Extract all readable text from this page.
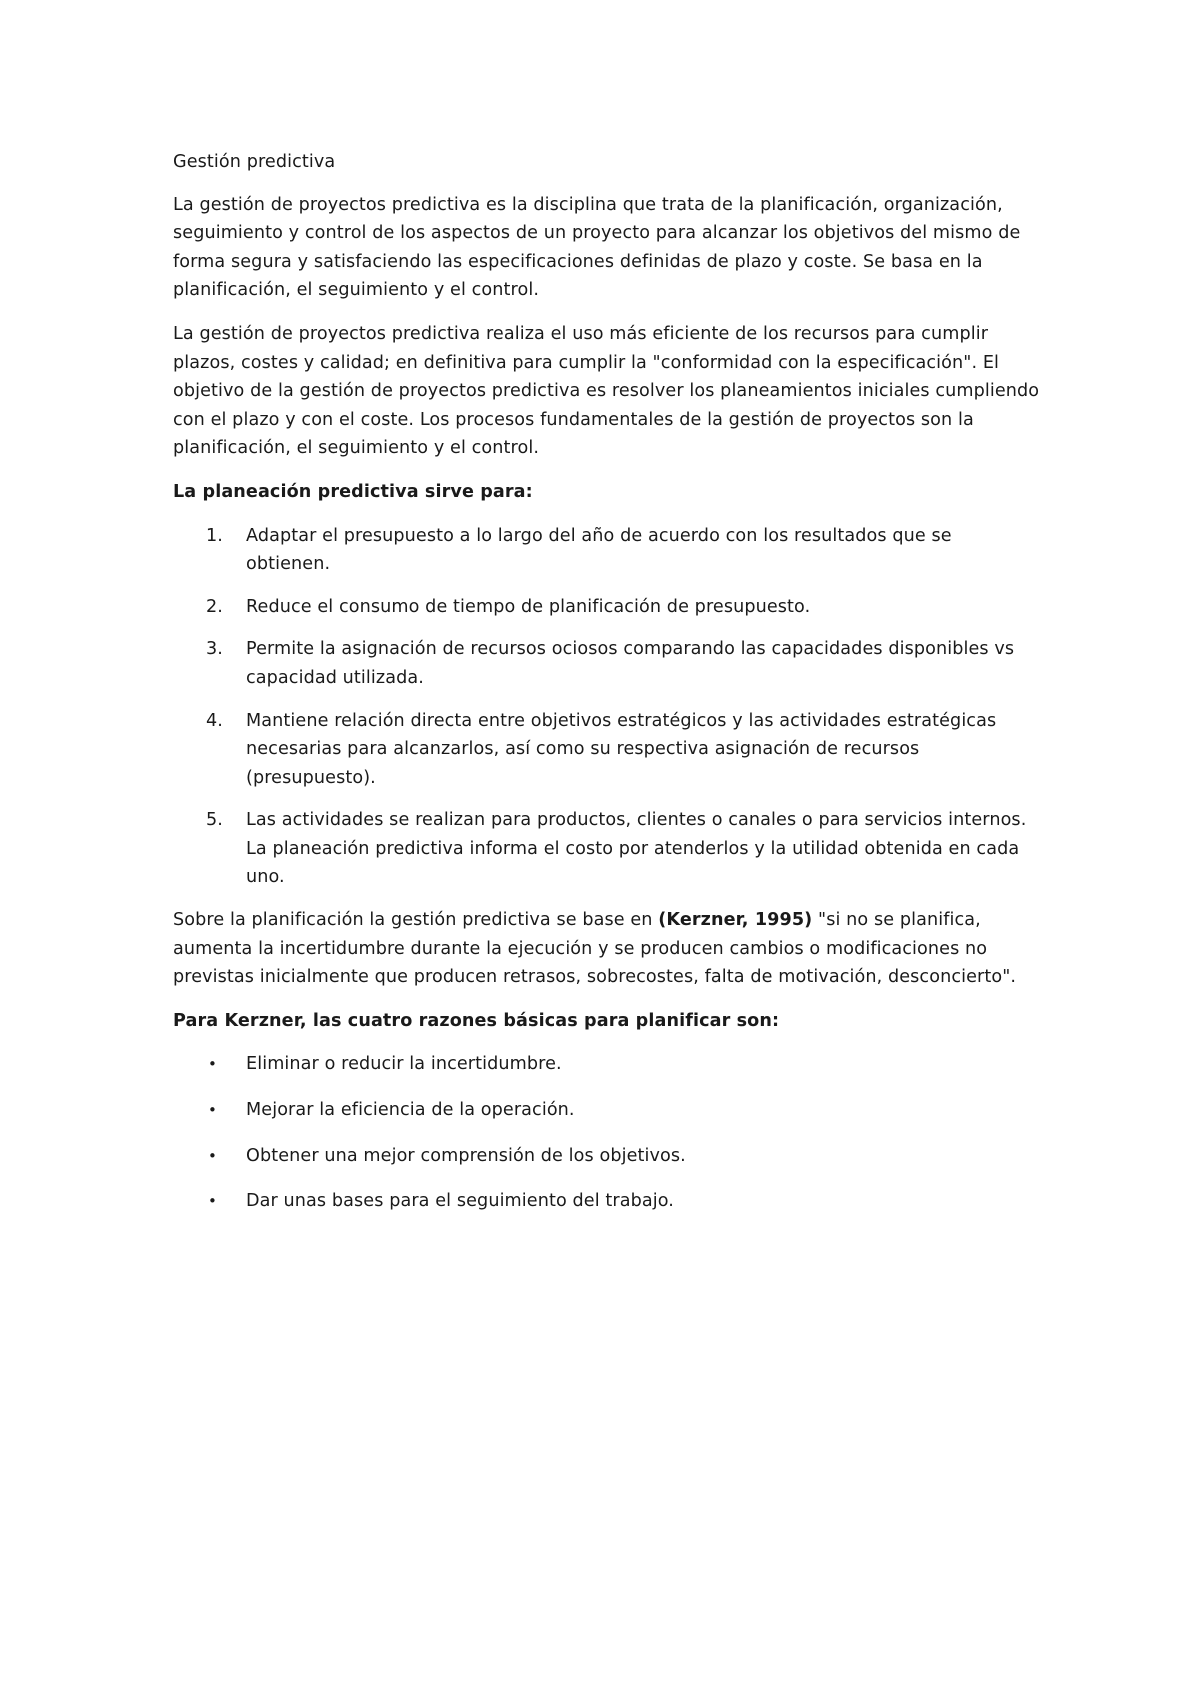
Gestión predictiva

La gestión de proyectos predictiva es la disciplina que trata de la planificación, organización, seguimiento y control de los aspectos de un proyecto para alcanzar los objetivos del mismo de forma segura y satisfaciendo las especificaciones definidas de plazo y coste. Se basa en la planificación, el seguimiento y el control.

La gestión de proyectos predictiva realiza el uso más eficiente de los recursos para cumplir plazos, costes y calidad; en definitiva para cumplir la "conformidad con la especificación". El objetivo de la gestión de proyectos predictiva es resolver los planeamientos iniciales cumpliendo con el plazo y con el coste. Los procesos fundamentales de la gestión de proyectos son la planificación, el seguimiento y el control.

La planeación predictiva sirve para:

1. Adaptar el presupuesto a lo largo del año de acuerdo con los resultados que se obtienen.
2. Reduce el consumo de tiempo de planificación de presupuesto.
3. Permite la asignación de recursos ociosos comparando las capacidades disponibles vs capacidad utilizada.
4. Mantiene relación directa entre objetivos estratégicos y las actividades estratégicas necesarias para alcanzarlos, así como su respectiva asignación de recursos (presupuesto).
5. Las actividades se realizan para productos, clientes o canales o para servicios internos. La planeación predictiva informa el costo por atenderlos y la utilidad obtenida en cada uno.

Sobre la planificación la gestión predictiva se base en (Kerzner, 1995) "si no se planifica, aumenta la incertidumbre durante la ejecución y se producen cambios o modificaciones no previstas inicialmente que producen retrasos, sobrecostes, falta de motivación, desconcierto".

Para Kerzner, las cuatro razones básicas para planificar son:

• Eliminar o reducir la incertidumbre.
• Mejorar la eficiencia de la operación.
• Obtener una mejor comprensión de los objetivos.
• Dar unas bases para el seguimiento del trabajo.
